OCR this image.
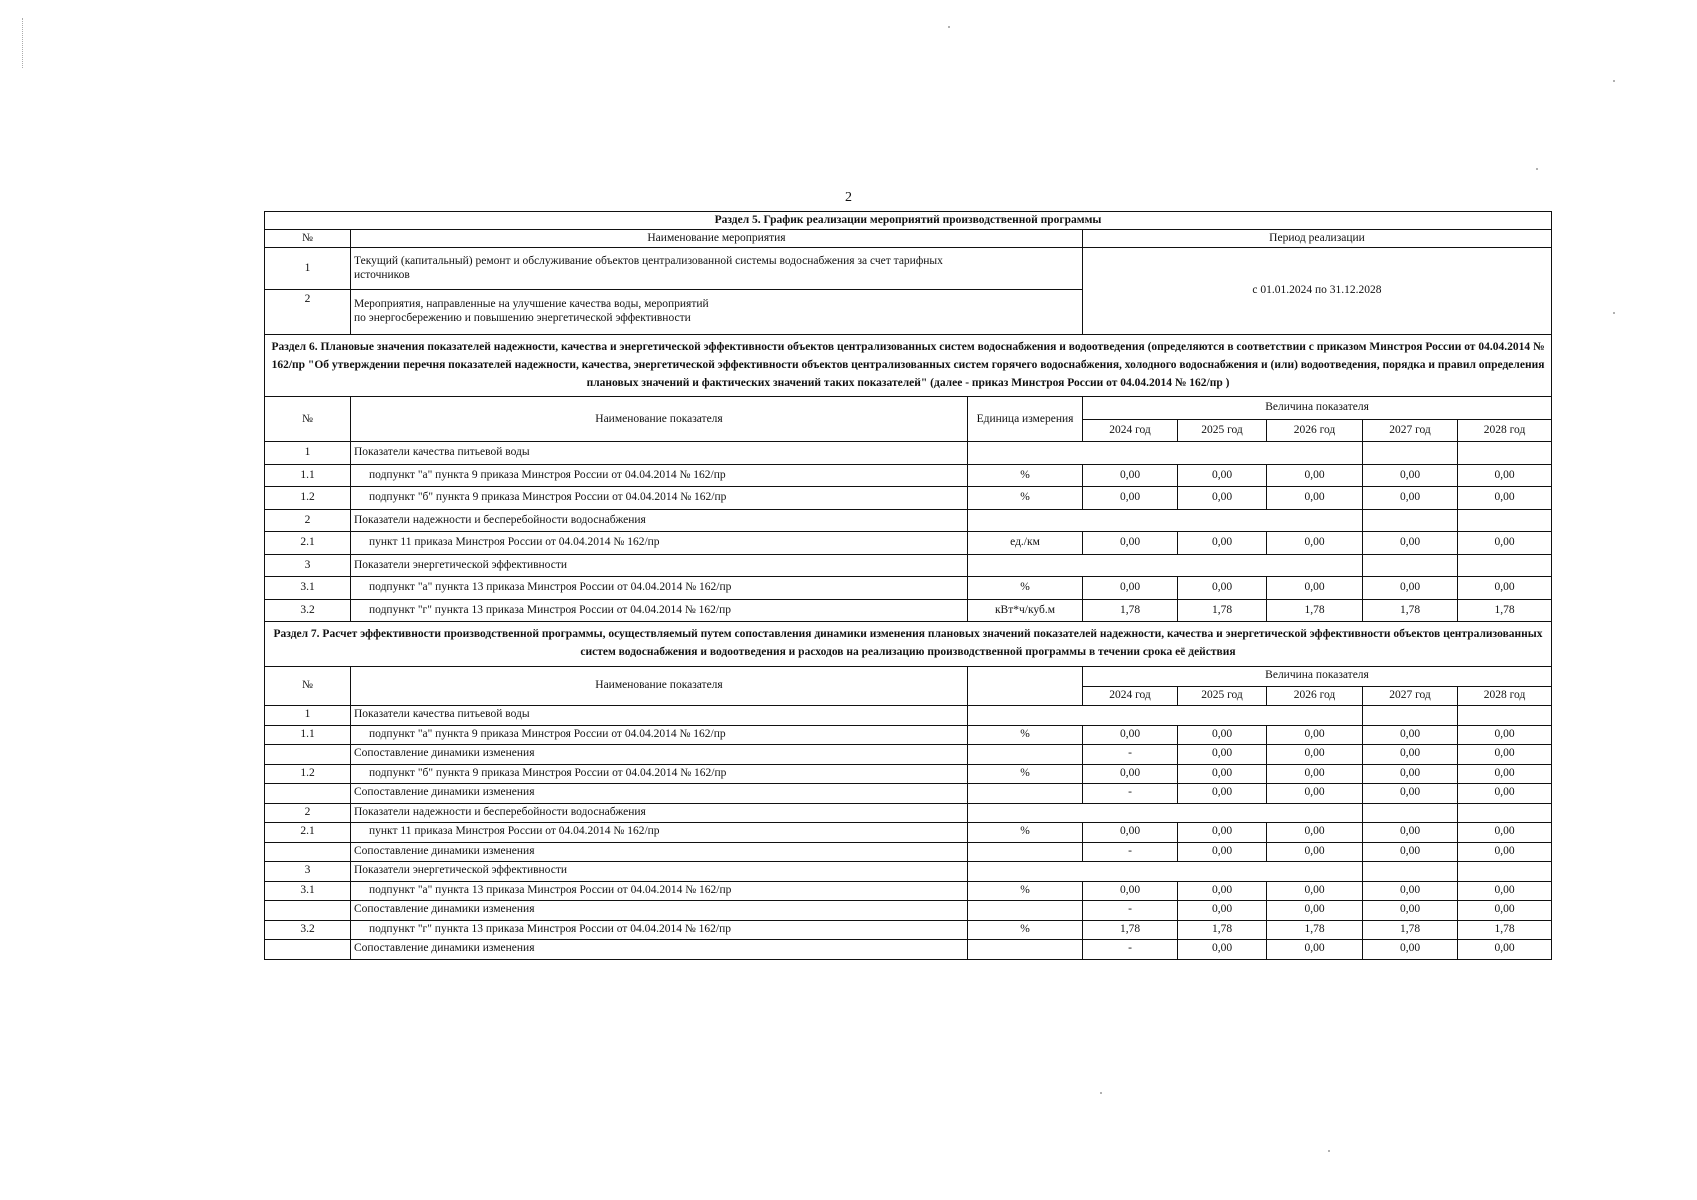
2
Раздел 5. График реализации мероприятий производственной программы		
№	Наименование мероприятия	Период реализации
1	Текущий (капитальный) ремонт и обслуживание объектов централизованной системы водоснабжения за счет тарифных
источников	с 01.01.2024 по 31.12.2028
2	Мероприятия, направленные на улучшение качества воды, мероприятий
по энергосбережению и повышению энергетической эффективности	
Раздел 6. Плановые значения показателей надежности, качества и энергетической эффективности объектов централизованных систем водоснабжения и водоотведения (определяются в соответствии с приказом Минстроя России от 04.04.2014 № 162/пр "Об утверждении перечня показателей надежности, качества, энергетической эффективности объектов централизованных систем горячего водоснабжения, холодного водоснабжения и (или) водоотведения, порядка и правил определения плановых значений и фактических значений таких показателей" (далее - приказ Минстроя России от 04.04.2014 № 162/пр )							
№	Наименование показателя	Единица измерения	Величина показателя				
			2024 год	2025 год	2026 год	2027 год	2028 год
1	Показатели качества питьевой воды						
1.1	подпункт "а" пункта 9 приказа Минстроя России от 04.04.2014 № 162/пр	%	0,00	0,00	0,00	0,00	0,00
1.2	подпункт "б" пункта 9 приказа Минстроя России от 04.04.2014 № 162/пр	%	0,00	0,00	0,00	0,00	0,00
2	Показатели надежности и бесперебойности водоснабжения						
2.1	пункт 11 приказа Минстроя России от 04.04.2014 № 162/пр	ед./км	0,00	0,00	0,00	0,00	0,00
3	Показатели энергетической эффективности						
3.1	подпункт "а" пункта 13 приказа Минстроя России от 04.04.2014 № 162/пр	%	0,00	0,00	0,00	0,00	0,00
3.2	подпункт "г" пункта 13 приказа Минстроя России от 04.04.2014 № 162/пр	кВт*ч/куб.м	1,78	1,78	1,78	1,78	1,78
Раздел 7. Расчет эффективности производственной программы, осуществляемый путем сопоставления динамики изменения плановых значений показателей надежности, качества и энергетической эффективности объектов централизованных систем водоснабжения и водоотведения и расходов на реализацию производственной программы в течении срока её действия							
№	Наименование показателя		Величина показателя				
			2024 год	2025 год	2026 год	2027 год	2028 год
1	Показатели качества питьевой воды						
1.1	подпункт "а" пункта 9 приказа Минстроя России от 04.04.2014 № 162/пр	%	0,00	0,00	0,00	0,00	0,00
	Сопоставление динамики изменения		-	0,00	0,00	0,00	0,00
1.2	подпункт "б" пункта 9 приказа Минстроя России от 04.04.2014 № 162/пр	%	0,00	0,00	0,00	0,00	0,00
	Сопоставление динамики изменения		-	0,00	0,00	0,00	0,00
2	Показатели надежности и бесперебойности водоснабжения						
2.1	пункт 11 приказа Минстроя России от 04.04.2014 № 162/пр	%	0,00	0,00	0,00	0,00	0,00
	Сопоставление динамики изменения		-	0,00	0,00	0,00	0,00
3	Показатели энергетической эффективности						
3.1	подпункт "а" пункта 13 приказа Минстроя России от 04.04.2014 № 162/пр	%	0,00	0,00	0,00	0,00	0,00
	Сопоставление динамики изменения		-	0,00	0,00	0,00	0,00
3.2	подпункт "г" пункта 13 приказа Минстроя России от 04.04.2014 № 162/пр	%	1,78	1,78	1,78	1,78	1,78
	Сопоставление динамики изменения		-	0,00	0,00	0,00	0,00
